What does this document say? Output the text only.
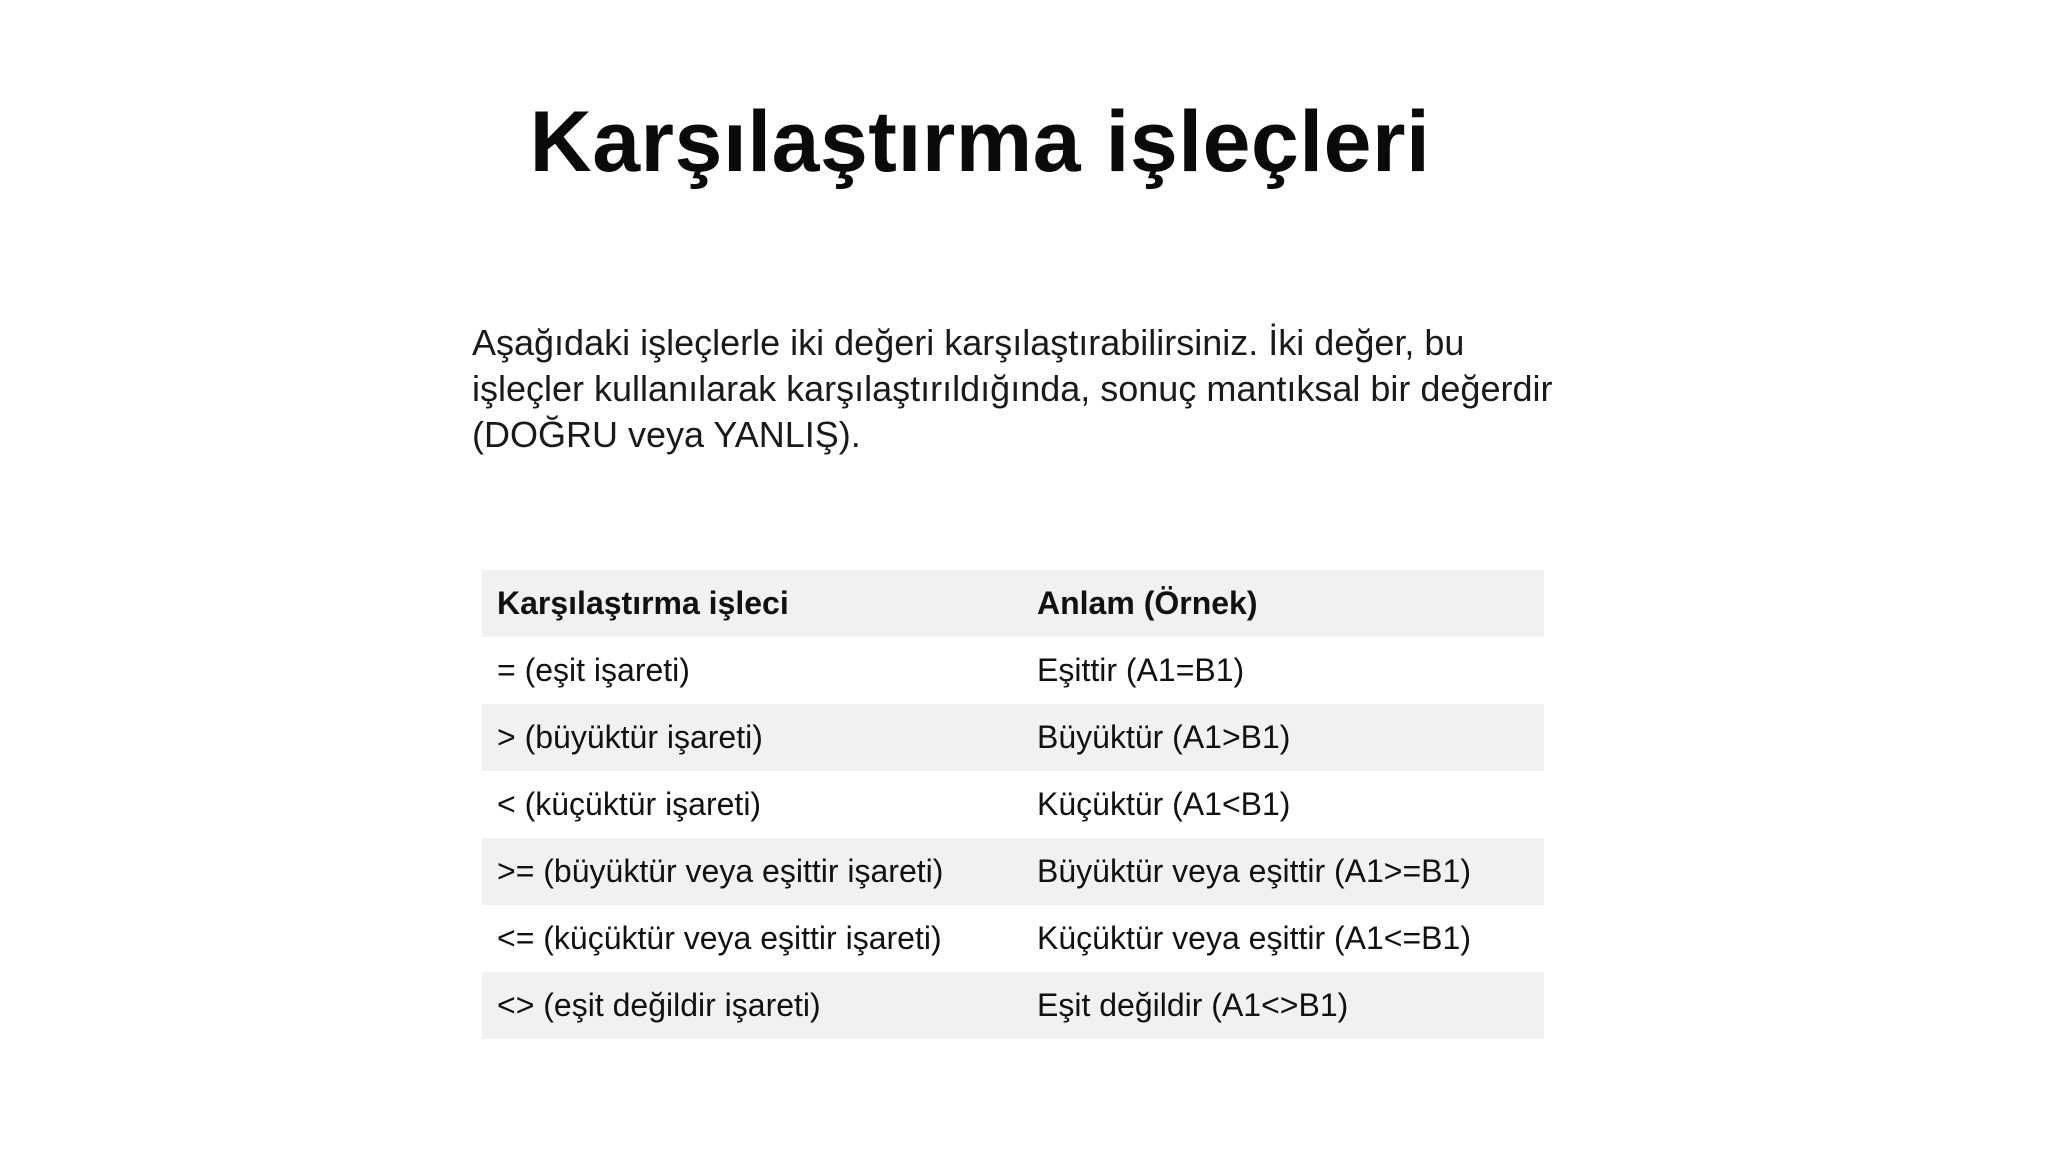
Karşılaştırma işleçleri

Aşağıdaki işleçlerle iki değeri karşılaştırabilirsiniz. İki değer, bu işleçler kullanılarak karşılaştırıldığında, sonuç mantıksal bir değerdir (DOĞRU veya YANLIŞ).

Karşılaştırma işleci	Anlam (Örnek)
= (eşit işareti)	Eşittir (A1=B1)
> (büyüktür işareti)	Büyüktür (A1>B1)
< (küçüktür işareti)	Küçüktür (A1<B1)
>= (büyüktür veya eşittir işareti)	Büyüktür veya eşittir (A1>=B1)
<= (küçüktür veya eşittir işareti)	Küçüktür veya eşittir (A1<=B1)
<> (eşit değildir işareti)	Eşit değildir (A1<>B1)
